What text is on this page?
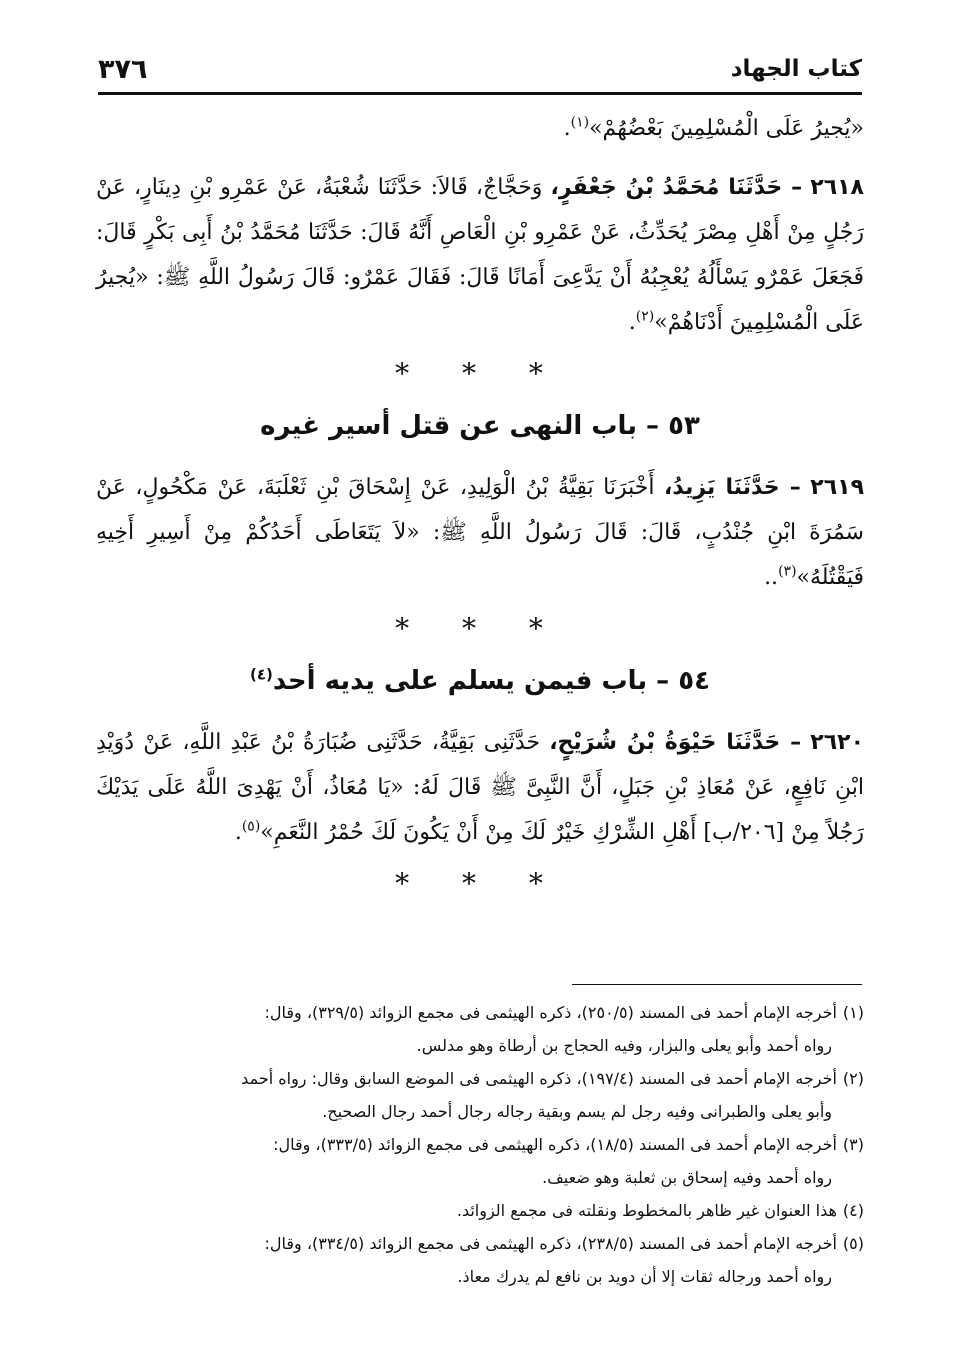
كتاب الجهاد
٣٧٦

«يُجيرُ عَلَى الْمُسْلِمِينَ بَعْضُهُمْ»$^{(١)}$.

٢٦١٨ – حَدَّثَنَا مُحَمَّدُ بْنُ جَعْفَرٍ، وَحَجَّاجٌ، قَالاَ: حَدَّثَنَا شُعْبَةُ، عَنْ عَمْرِو بْنِ دِينَارٍ، عَنْ رَجُلٍ مِنْ أَهْلِ مِصْرَ يُحَدِّثُ، عَنْ عَمْرِو بْنِ الْعَاصِ أَنَّهُ قَالَ: حَدَّثَنَا مُحَمَّدُ بْنُ أَبِى بَكْرٍ قَالَ: فَجَعَلَ عَمْرٌو يَسْأَلُهُ يُعْجِبُهُ أَنْ يَدَّعِىَ أَمَانًا قَالَ: فَقَالَ عَمْرٌو: قَالَ رَسُولُ اللَّهِ ﷺ: «يُجيرُ عَلَى الْمُسْلِمِينَ أَدْنَاهُمْ»$^{(٢)}$.

* * *
٥٣ – باب النهى عن قتل أسير غيره

٢٦١٩ – حَدَّثَنَا يَزِيدُ، أَخْبَرَنَا بَقِيَّةُ بْنُ الْوَلِيدِ، عَنْ إِسْحَاقَ بْنِ ثَعْلَبَةَ، عَنْ مَكْحُولٍ، عَنْ سَمُرَةَ ابْنِ جُنْدُبٍ، قَالَ: قَالَ رَسُولُ اللَّهِ ﷺ: «لاَ يَتَعَاطَى أَحَدُكُمْ مِنْ أَسِيرِ أَخِيهِ فَيَقْتُلَهُ»$^{(٣)}$..

* * *
٥٤ – باب فيمن يسلم على يديه أحد$^{(٤)}$

٢٦٢٠ – حَدَّثَنَا حَيْوَةُ بْنُ شُرَيْحٍ، حَدَّثَنِى بَقِيَّةُ، حَدَّثَنِى ضُبَارَةُ بْنُ عَبْدِ اللَّهِ، عَنْ دُوَيْدِ ابْنِ نَافِعٍ، عَنْ مُعَاذِ بْنِ جَبَلٍ، أَنَّ النَّبِىَّ ﷺ قَالَ لَهُ: «يَا مُعَاذُ، أَنْ يَهْدِىَ اللَّهُ عَلَى يَدَيْكَ رَجُلاً مِنْ [٢٠٦/ب] أَهْلِ الشِّرْكِ خَيْرٌ لَكَ مِنْ أَنْ يَكُونَ لَكَ حُمْرُ النَّعَمِ»$^{(٥)}$.

* * *

(١)أخرجه الإمام أحمد فى المسند (٢٥٠/٥)، ذكره الهيثمى فى مجمع الزوائد (٣٢٩/٥)، وقال:
رواه أحمد وأبو يعلى والبزار، وفيه الحجاج بن أرطاة وهو مدلس.

(٢)أخرجه الإمام أحمد فى المسند (١٩٧/٤)، ذكره الهيثمى فى الموضع السابق وقال: رواه أحمد
وأبو يعلى والطبرانى وفيه رجل لم يسم وبقية رجاله رجال أحمد رجال الصحيح.

(٣)أخرجه الإمام أحمد فى المسند (١٨/٥)، ذكره الهيثمى فى مجمع الزوائد (٣٣٣/٥)، وقال:
رواه أحمد وفيه إسحاق بن ثعلبة وهو ضعيف.

(٤)هذا العنوان غير ظاهر بالمخطوط ونقلته فى مجمع الزوائد.

(٥)أخرجه الإمام أحمد فى المسند (٢٣٨/٥)، ذكره الهيثمى فى مجمع الزوائد (٣٣٤/٥)، وقال:
رواه أحمد ورجاله ثقات إلا أن دويد بن نافع لم يدرك معاذ.
